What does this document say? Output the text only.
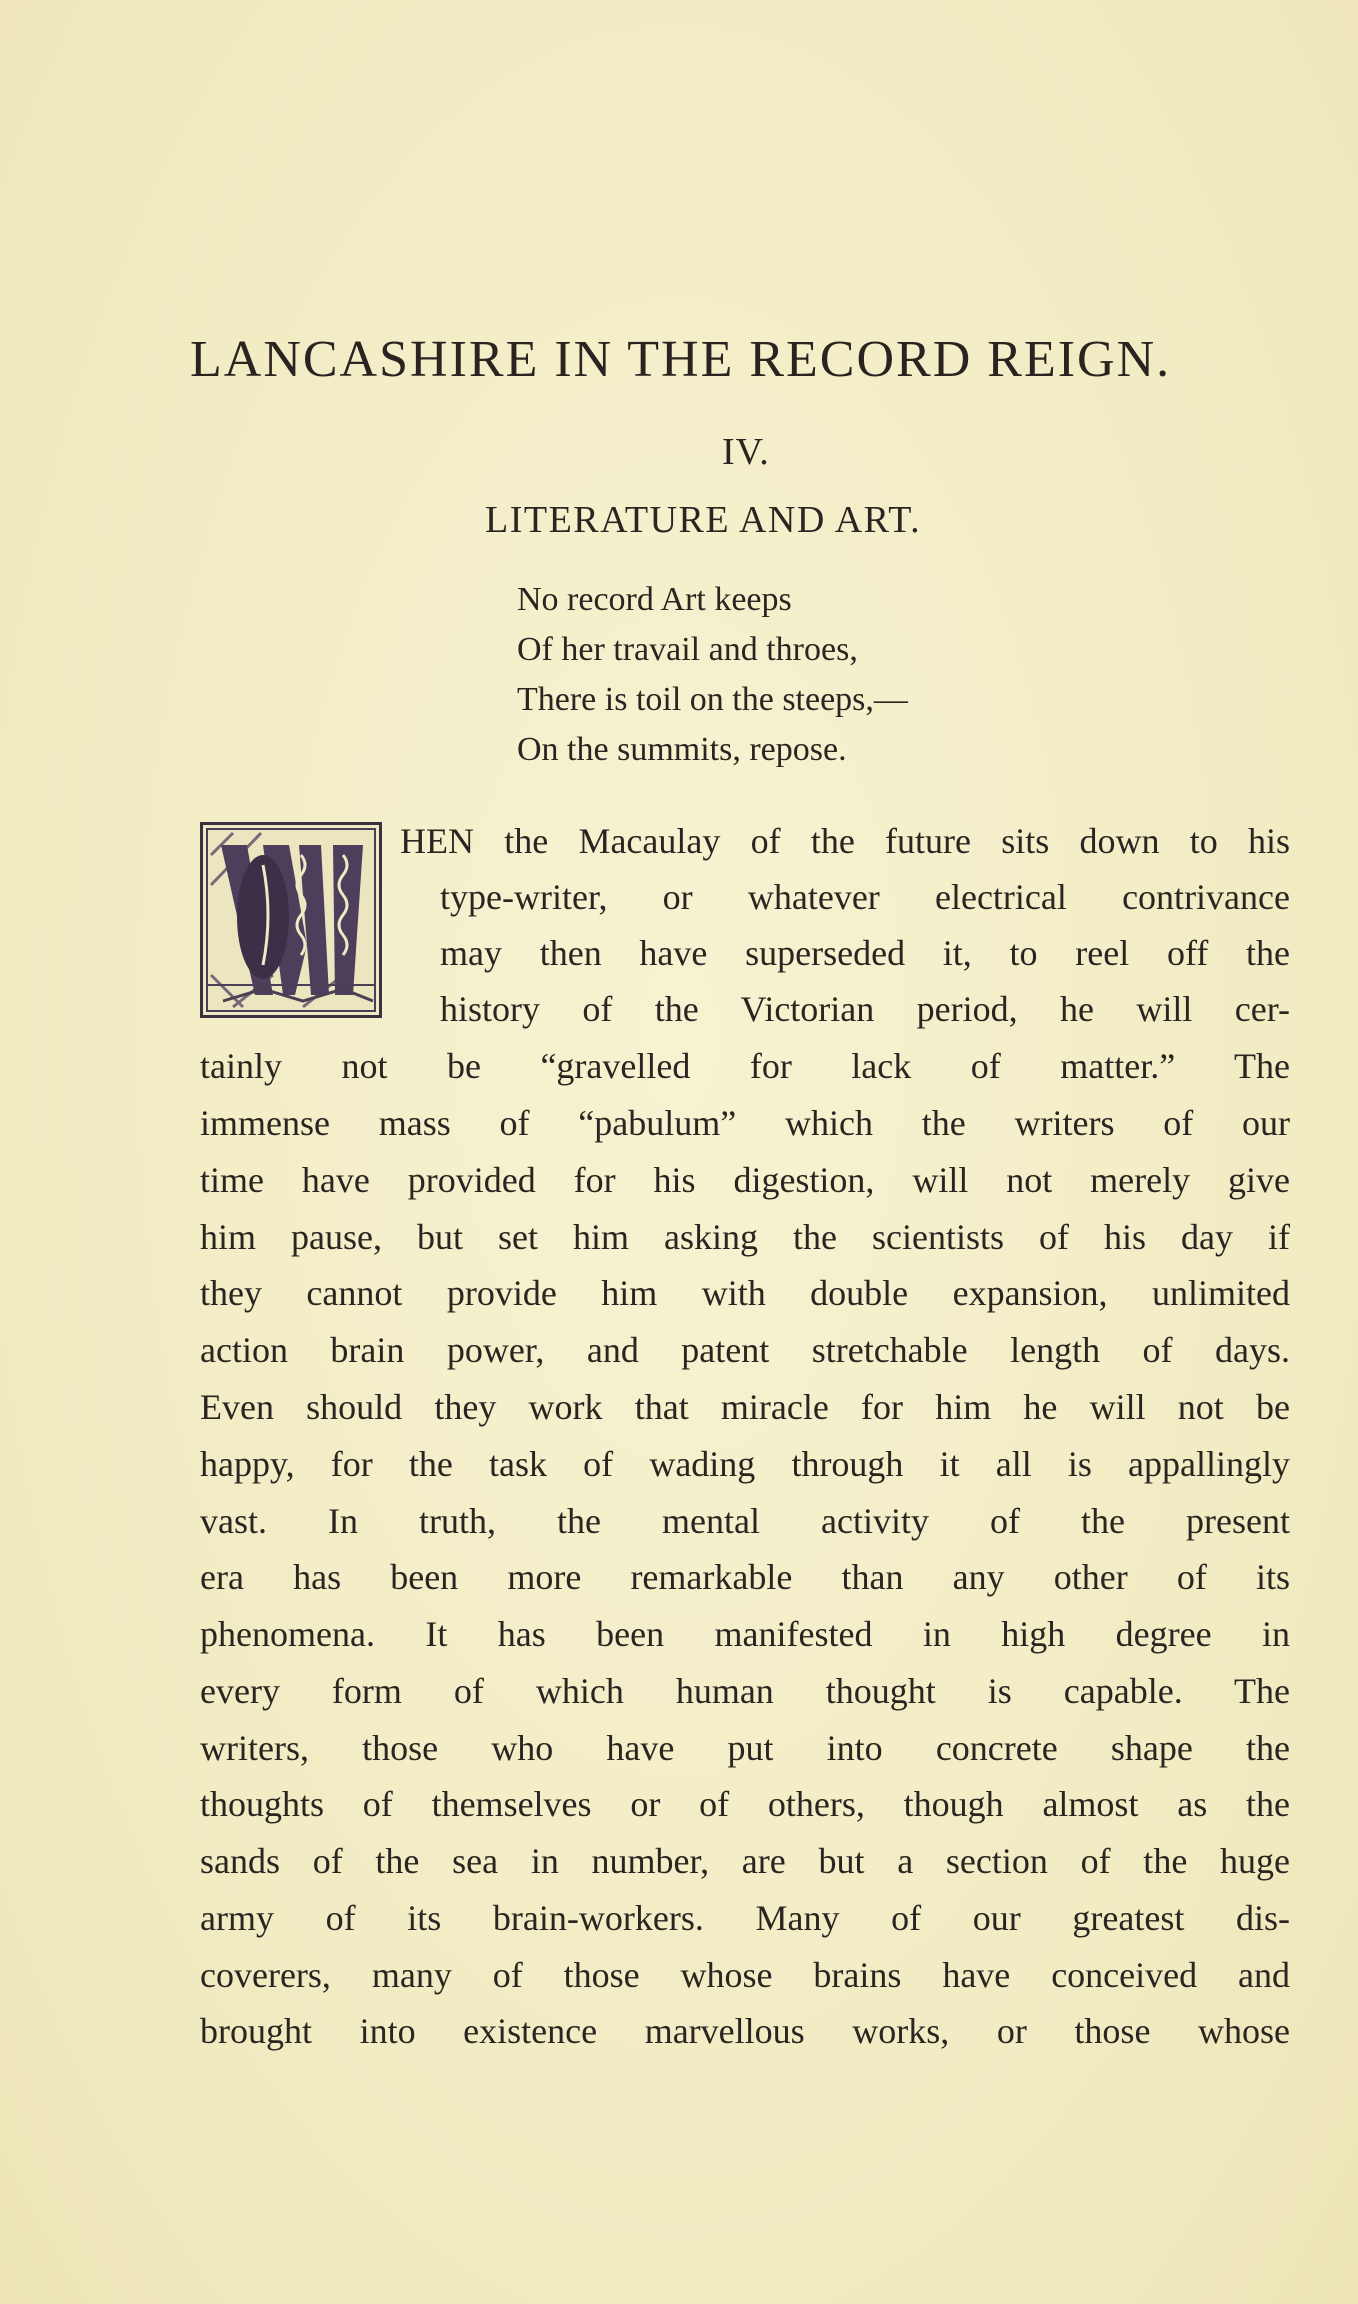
LANCASHIRE IN THE RECORD REIGN.
IV.
LITERATURE AND ART.
No record Art keeps
Of her travail and throes,
There is toil on the steeps,—
On the summits, repose.
HEN the Macaulay of the future sits down to his
type-writer, or whatever electrical contrivance
may then have superseded it, to reel off the
history of the Victorian period, he will cer-
tainly not be “gravelled for lack of matter.” The
immense mass of “pabulum” which the writers of our
time have provided for his digestion, will not merely give
him pause, but set him asking the scientists of his day if
they cannot provide him with double expansion, unlimited
action brain power, and patent stretchable length of days.
Even should they work that miracle for him he will not be
happy, for the task of wading through it all is appallingly
vast. In truth, the mental activity of the present
era has been more remarkable than any other of its
phenomena. It has been manifested in high degree in
every form of which human thought is capable. The
writers, those who have put into concrete shape the
thoughts of themselves or of others, though almost as the
sands of the sea in number, are but a section of the huge
army of its brain-workers. Many of our greatest dis-
coverers, many of those whose brains have conceived and
brought into existence marvellous works, or those whose
